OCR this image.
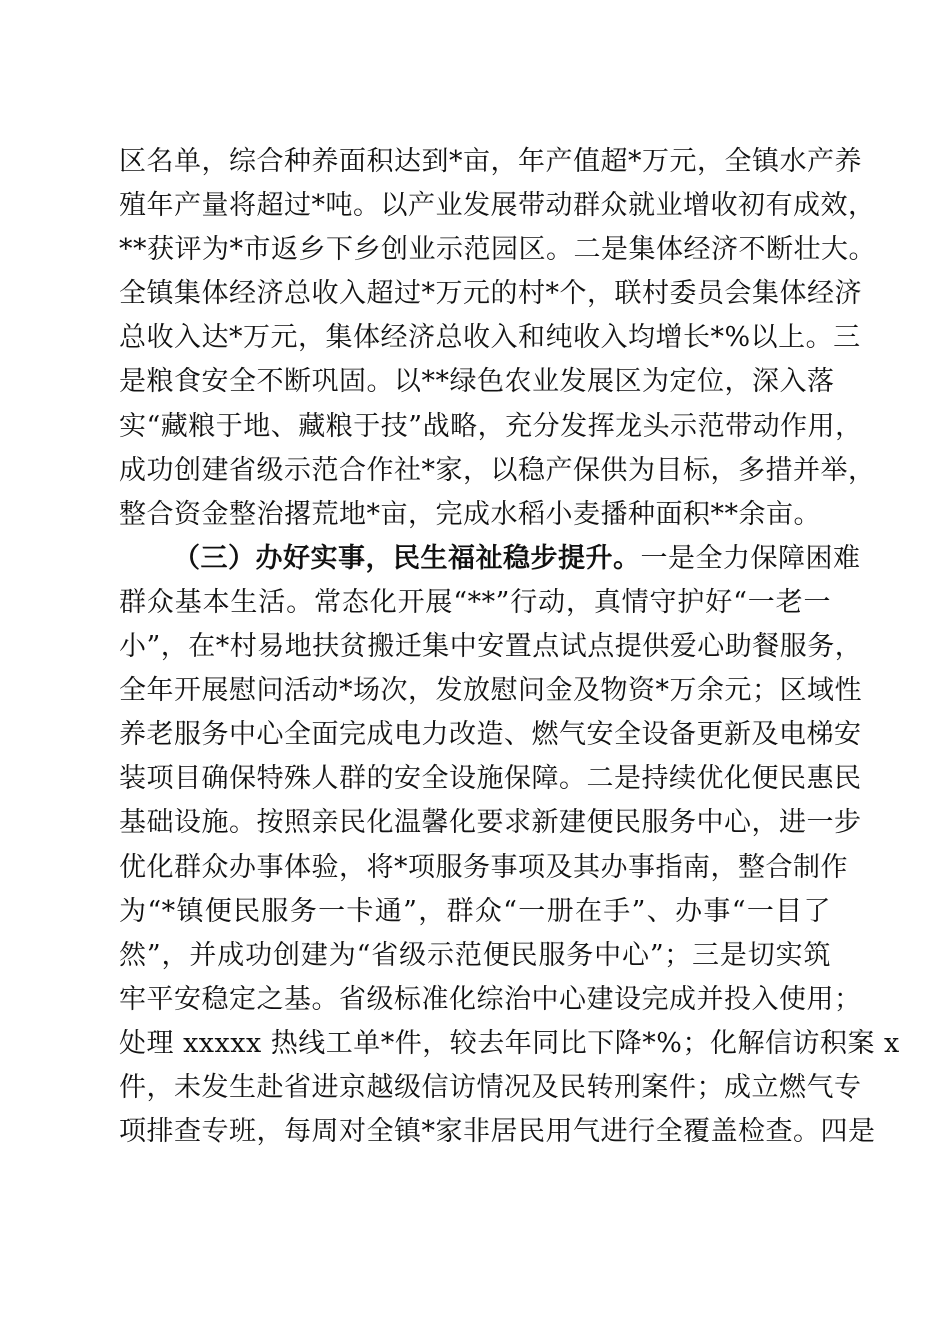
区名单，综合种养面积达到*亩，年产值超*万元，全镇水产养
殖年产量将超过*吨。以产业发展带动群众就业增收初有成效，
**获评为*市返乡下乡创业示范园区。二是集体经济不断壮大。
全镇集体经济总收入超过*万元的村*个，联村委员会集体经济
总收入达*万元，集体经济总收入和纯收入均增长*%以上。三
是粮食安全不断巩固。以**绿色农业发展区为定位，深入落
实“藏粮于地、藏粮于技”战略，充分发挥龙头示范带动作用，
成功创建省级示范合作社*家，以稳产保供为目标，多措并举，
整合资金整治撂荒地*亩，完成水稻小麦播种面积**余亩。
（三）办好实事，民生福祉稳步提升。一是全力保障困难
群众基本生活。常态化开展“**”行动，真情守护好“一老一
小”，在*村易地扶贫搬迁集中安置点试点提供爱心助餐服务，
全年开展慰问活动*场次，发放慰问金及物资*万余元；区域性
养老服务中心全面完成电力改造、燃气安全设备更新及电梯安
装项目确保特殊人群的安全设施保障。二是持续优化便民惠民
基础设施。按照亲民化温馨化要求新建便民服务中心，进一步
优化群众办事体验，将*项服务事项及其办事指南，整合制作
为“*镇便民服务一卡通”，群众“一册在手”、办事“一目了
然”，并成功创建为“省级示范便民服务中心”；三是切实筑
牢平安稳定之基。省级标准化综治中心建设完成并投入使用；
处理 xxxxx 热线工单*件，较去年同比下降*%；化解信访积案 x
件，未发生赴省进京越级信访情况及民转刑案件；成立燃气专
项排查专班，每周对全镇*家非居民用气进行全覆盖检查。四是
